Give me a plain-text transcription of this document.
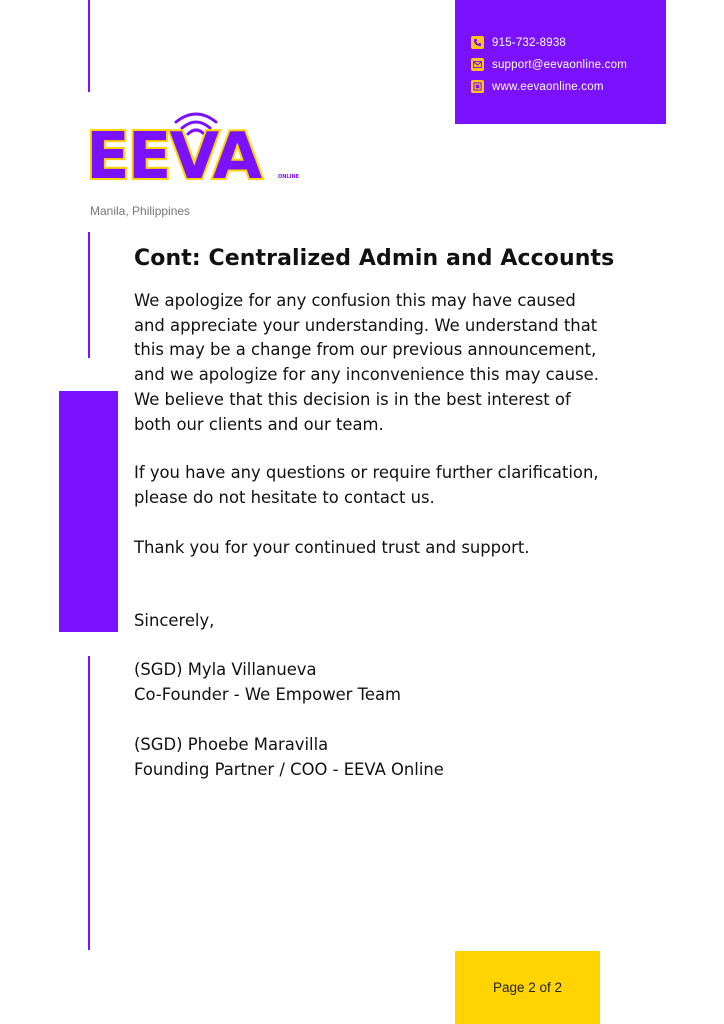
915-732-8938
support@eevaonline.com
www.eevaonline.com
EEVA	ONLINE
Manila, Philippines
Cont: Centralized Admin and Accounts
We apologize for any confusion this may have caused
and appreciate your understanding. We understand that
this may be a change from our previous announcement,
and we apologize for any inconvenience this may cause.
We believe that this decision is in the best interest of
both our clients and our team.
If you have any questions or require further clarification,
please do not hesitate to contact us.
Thank you for your continued trust and support.
Sincerely,
(SGD) Myla Villanueva
Co-Founder - We Empower Team
(SGD) Phoebe Maravilla
Founding Partner / COO - EEVA Online
Page 2 of 2
